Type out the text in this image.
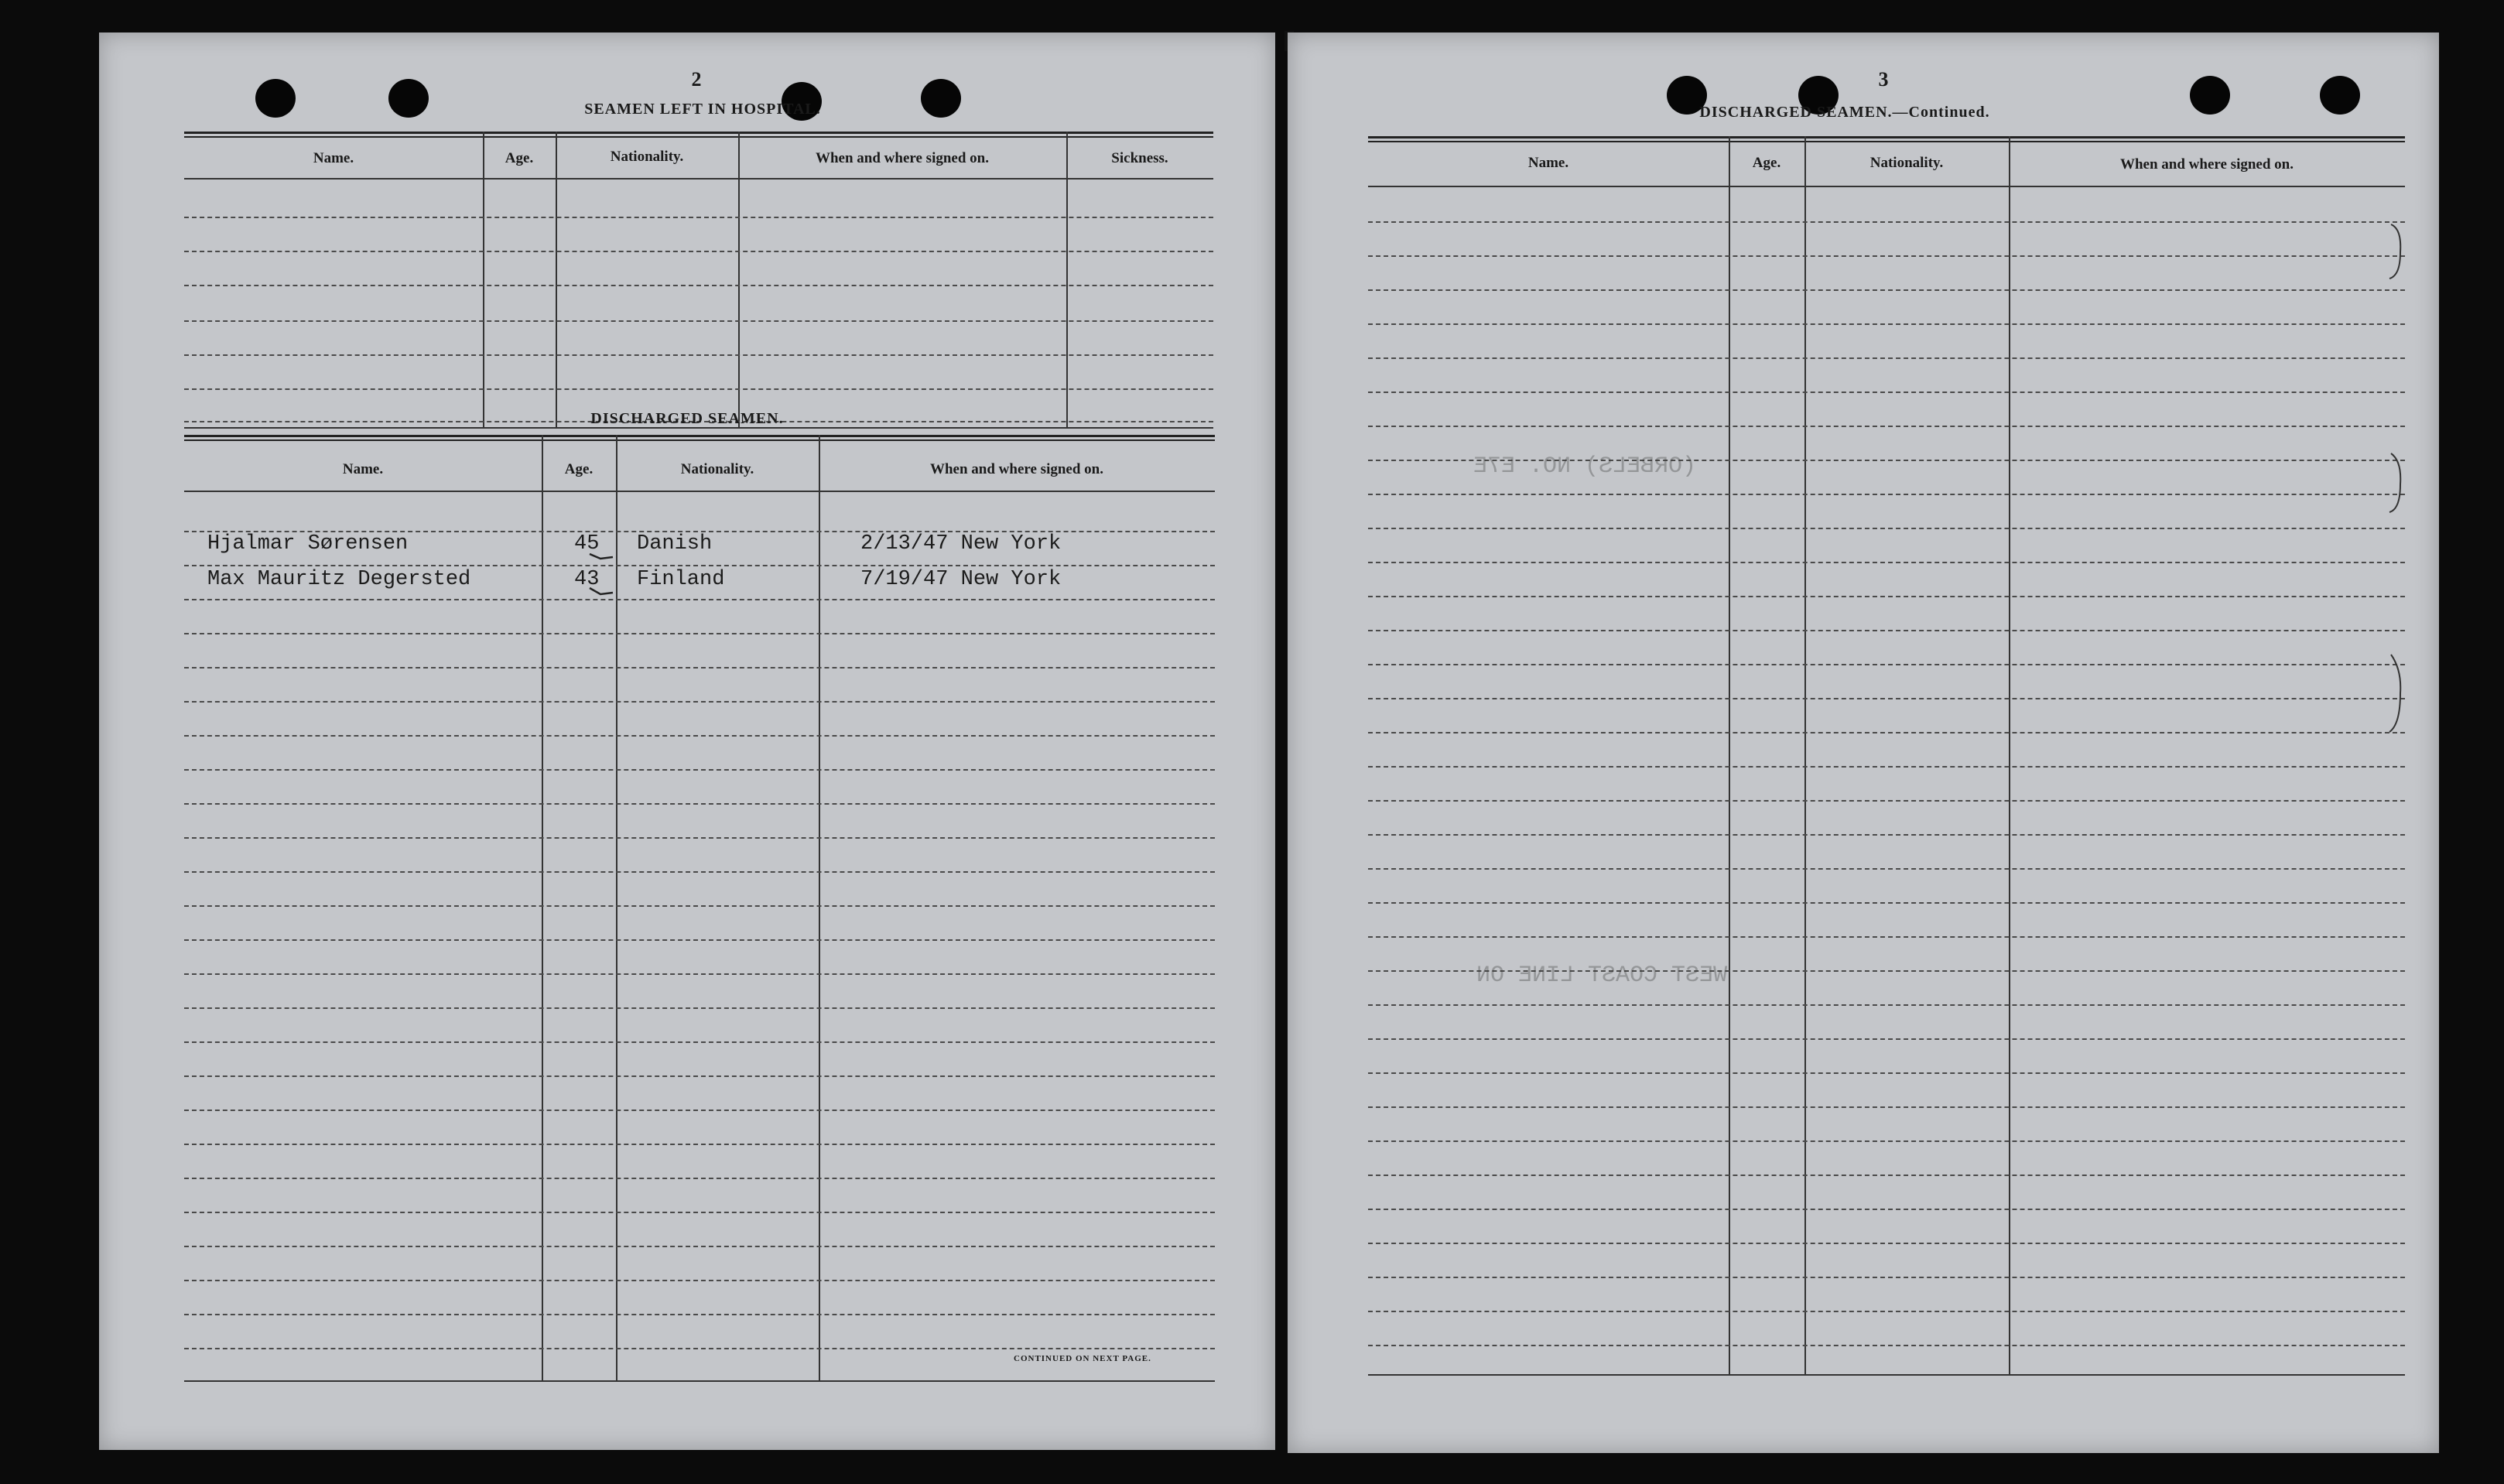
2
SEAMEN LEFT IN HOSPITAL.
Name.	Age.	Nationality.	When and where signed on.	Sickness.
DISCHARGED SEAMEN.
Name.	Age.	Nationality.	When and where signed on.
Hjalmar Sørensen	45 Danish	2/13/47 New York
Max Mauritz Degersted	43 Finland	7/19/47 New York
CONTINUED ON NEXT PAGE.
3
DISCHARGED SEAMEN.—Continued.
Name.	Age.	Nationality.	When and where signed on.
(ORBELS) NO. E7E
WEST COAST LINE ON
